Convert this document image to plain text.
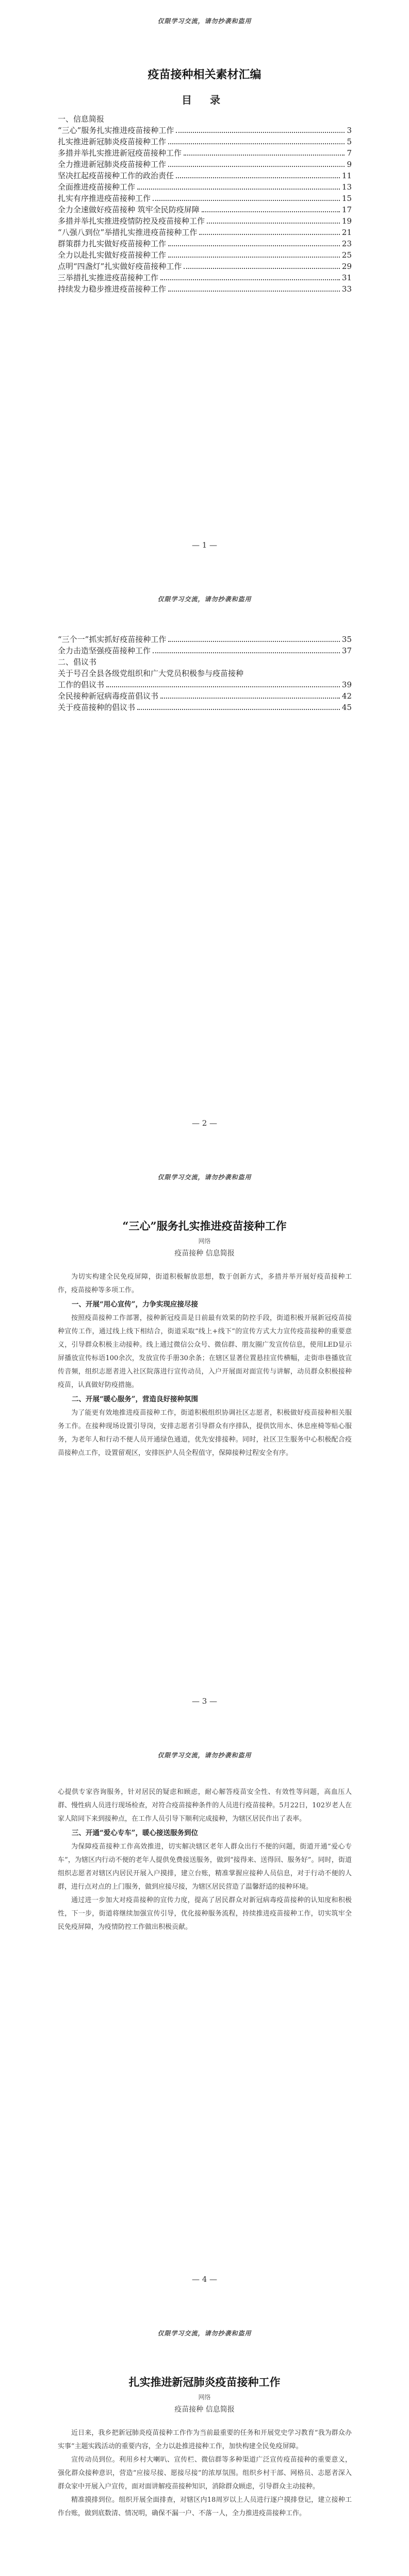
仅限学习交流，请勿抄袭和盗用
疫苗接种相关素材汇编
目 录
一、信息简报
“三心”服务扎实推进疫苗接种工作	3
扎实推进新冠肺炎疫苗接种工作	5
多措并举扎实推进新冠疫苗接种工作	7
全力推进新冠肺炎疫苗接种工作	9
坚决扛起疫苗接种工作的政治责任	11
全面推进疫苗接种工作	13
扎实有序推进疫苗接种工作	15
全力全速做好疫苗接种 筑牢全民防疫屏障	17
多措并举扎实推进疫情防控及疫苗接种工作	19
“八强八到位”举措扎实推进疫苗接种工作	21
群策群力扎实做好疫苗接种工作	23
全力以赴扎实做好疫苗接种工作	25
点明“四盏灯”扎实做好疫苗接种工作	29
三举措扎实推进疫苗接种工作	31
持续发力稳步推进疫苗接种工作	33
— 1 —
仅限学习交流，请勿抄袭和盗用
“三个一”抓实抓好疫苗接种工作	35
全力击造坚强疫苗接种工作	37
二、倡议书
关于号召全县各级党组织和广大党员积极参与疫苗接种
工作的倡议书	39
全民接种新冠病毒疫苗倡议书	42
关于疫苗接种的倡议书	45
— 2 —
仅限学习交流，请勿抄袭和盗用
“三心”服务扎实推进疫苗接种工作
网络
疫苗接种 信息简报

为切实构建全民免疫屏障，街道积极解放思想，数于创新方式，多措并举开展好疫苗接种工作，疫苗接种等多项工作。

一、开展“用心宣传”，力争实现应接尽接

按照疫苗接种工作部署，接种新冠疫苗是日前最有效果的防控手段，街道积极开展新冠疫苗接种宣传工作，通过线上线下相结合，街道采取“线上+线下”的宣传方式大力宣传疫苗接种的重要意义，引导群众积极主动接种。线上通过微信公众号、微信群、朋友圈广发宣传信息，使用LED显示屏播放宣传标语100余次，发放宣传手册30余条；在辖区显著位置悬挂宣传横幅，走街串巷播放宣传音频，组织志愿者进入社区院落进行宣传动员，入户开展面对面宣传与讲解，动员群众积极接种疫苗，认真做好防疫措施。

二、开展“暖心服务”，营造良好接种氛围

为了能更有效地推进疫苗接种工作，街道积极组织协调社区志愿者，积极做好疫苗接种相关服务工作。在接种现场设置引导岗，安排志愿者引导群众有序排队，提供饮用水、休息座椅等贴心服务，为老年人和行动不便人员开通绿色通道，优先安排接种。同时，社区卫生服务中心积极配合疫苗接种点工作，设置留观区，安排医护人员全程值守，保障接种过程安全有序。

— 3 —
仅限学习交流，请勿抄袭和盗用

心提供专家咨询服务，针对居民的疑虑和顾虑，耐心解答疫苗安全性、有效性等问题，高血压人群、慢性病人员进行现场检查，对符合疫苗接种条件的人员进行疫苗接种。5月22日，102岁老人在家人陪同下来到接种点，在工作人员引导下顺利完成接种，为辖区居民作出了表率。

三、开通“爱心专车”，暖心接送服务到位

为保障疫苗接种工作高效推进，切实解决辖区老年人群众出行不便的问题，街道开通“爱心专车”，为辖区内行动不便的老年人提供免费接送服务，做到“接得来、送得回、服务好”。同时，街道组织志愿者对辖区内居民开展入户摸排，建立台账，精准掌握应接种人员信息，对于行动不便的人群，进行点对点的上门服务，做到应接尽接，为辖区居民营造了温馨舒适的接种环境。

通过进一步加大对疫苗接种的宣传力度，提高了居民群众对新冠病毒疫苗接种的认知度和积极性，下一步，街道将继续加强宣传引导，优化接种服务流程，持续推进疫苗接种工作，切实筑牢全民免疫屏障，为疫情防控工作做出积极贡献。

— 4 —
仅限学习交流，请勿抄袭和盗用
扎实推进新冠肺炎疫苗接种工作
网络
疫苗接种 信息简报

近日来，我乡把新冠肺炎疫苗接种工作作为当前最重要的任务和开展党史学习教育“我为群众办实事”主题实践活动的重要内容，全力以赴推进接种工作，加快构建全民免疫屏障。

宣传动员到位。利用乡村大喇叭、宣传栏、微信群等多种渠道广泛宣传疫苗接种的重要意义，强化群众接种意识，营造“应接尽接、愿接尽接”的浓厚氛围。组织乡村干部、网格员、志愿者深入群众家中开展入户宣传，面对面讲解疫苗接种知识，消除群众顾虑，引导群众主动接种。

精准摸排到位。组织开展全面排查，对辖区内18周岁以上人员进行逐户摸排登记，建立接种工作台账，做到底数清、情况明，确保不漏一户、不落一人，全力推进疫苗接种工作。
